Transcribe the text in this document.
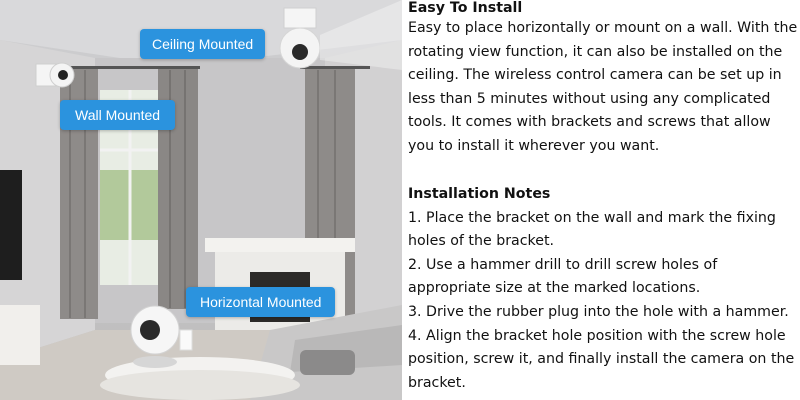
Ceiling Mounted
Wall Mounted
Horizontal Mounted
Easy To Install

Easy to place horizontally or mount on a wall. With the rotating view function, it can also be installed on the ceiling. The wireless control camera can be set up in less than 5 minutes without using any complicated tools. It comes with brackets and screws that allow you to install it wherever you want.

Installation Notes

1. Place the bracket on the wall and mark the fixing holes of the bracket.

2. Use a hammer drill to drill screw holes of appropriate size at the marked locations.

3. Drive the rubber plug into the hole with a hammer.

4. Align the bracket hole position with the screw hole position, screw it, and finally install the camera on the bracket.
